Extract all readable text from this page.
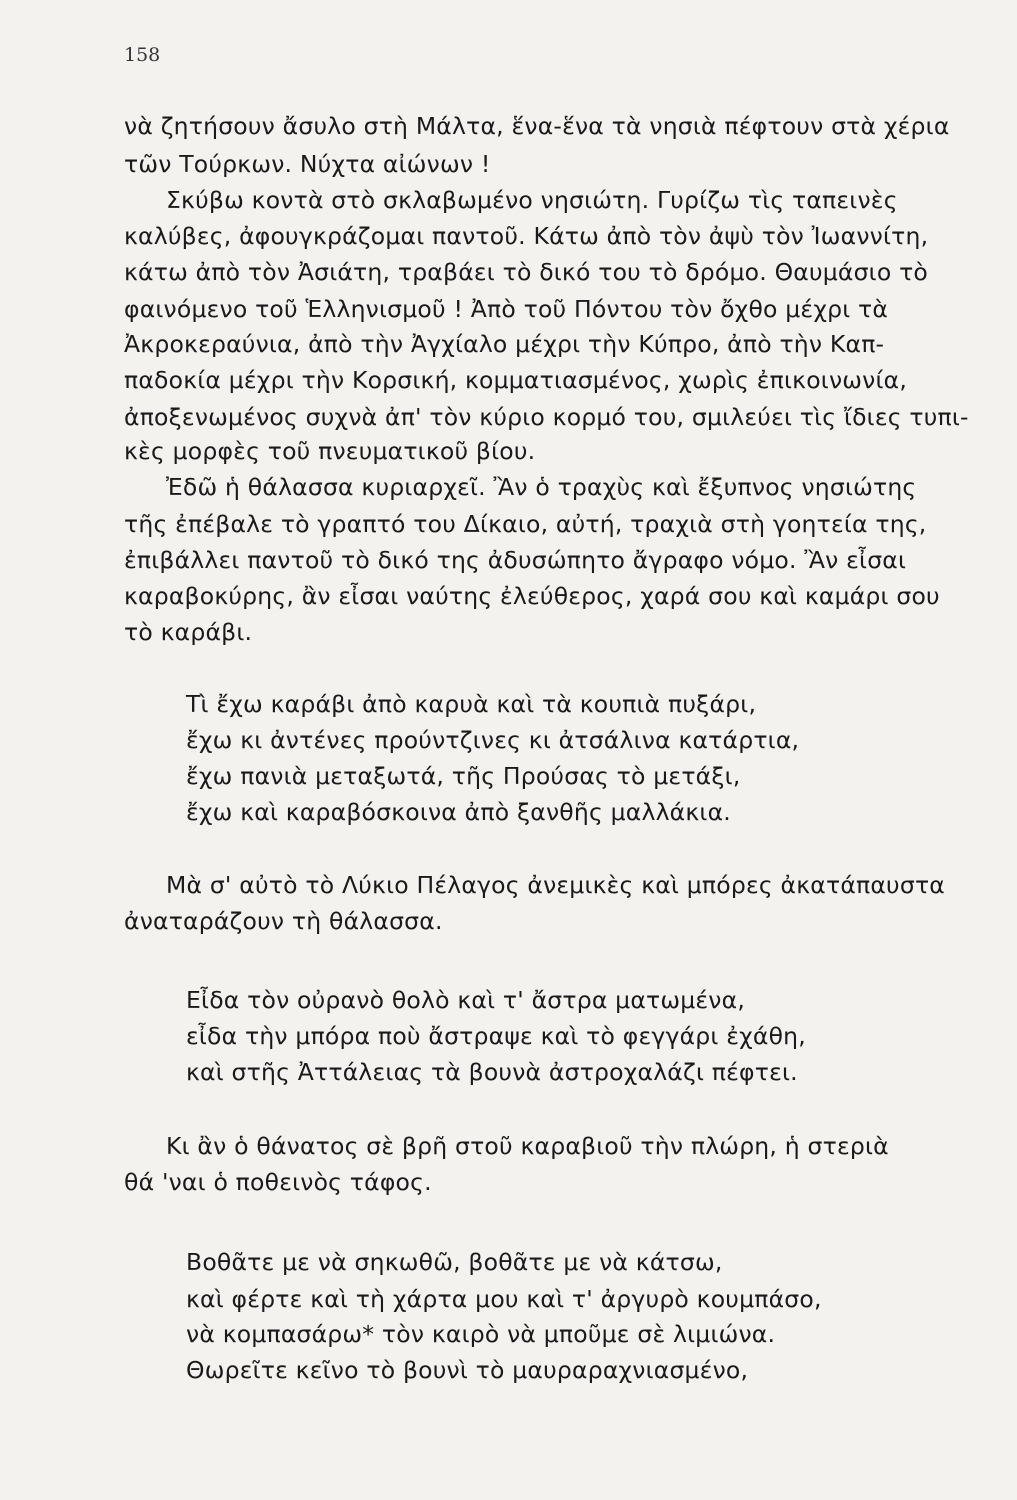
158
νὰ ζητήσουν ἄσυλο στὴ Μάλτα, ἕνα-ἕνα τὰ νησιὰ πέφτουν στὰ χέρια
τῶν Τούρκων. Νύχτα αἰώνων !
Σκύβω κοντὰ στὸ σκλαβωμένο νησιώτη. Γυρίζω τὶς ταπεινὲς
καλύβες, ἀφουγκράζομαι παντοῦ. Κάτω ἀπὸ τὸν ἀψὺ τὸν Ἰωαννίτη,
κάτω ἀπὸ τὸν Ἀσιάτη, τραβάει τὸ δικό του τὸ δρόμο. Θαυμάσιο τὸ
φαινόμενο τοῦ Ἑλληνισμοῦ ! Ἀπὸ τοῦ Πόντου τὸν ὄχθο μέχρι τὰ
Ἀκροκεραύνια, ἀπὸ τὴν Ἀγχίαλο μέχρι τὴν Κύπρο, ἀπὸ τὴν Καπ-
παδοκία μέχρι τὴν Κορσική, κομματιασμένος, χωρὶς ἐπικοινωνία,
ἀποξενωμένος συχνὰ ἀπ' τὸν κύριο κορμό του, σμιλεύει τὶς ἴδιες τυπι-
κὲς μορφὲς τοῦ πνευματικοῦ βίου.
Ἐδῶ ἡ θάλασσα κυριαρχεῖ. Ἂν ὁ τραχὺς καὶ ἔξυπνος νησιώτης
τῆς ἐπέβαλε τὸ γραπτό του Δίκαιο, αὐτή, τραχιὰ στὴ γοητεία της,
ἐπιβάλλει παντοῦ τὸ δικό της ἀδυσώπητο ἄγραφο νόμο. Ἂν εἶσαι
καραβοκύρης, ἂν εἶσαι ναύτης ἐλεύθερος, χαρά σου καὶ καμάρι σου
τὸ καράβι.
Τὶ ἔχω καράβι ἀπὸ καρυὰ καὶ τὰ κουπιὰ πυξάρι,
ἔχω κι ἀντένες προύντζινες κι ἀτσάλινα κατάρτια,
ἔχω πανιὰ μεταξωτά, τῆς Προύσας τὸ μετάξι,
ἔχω καὶ καραβόσκοινα ἀπὸ ξανθῆς μαλλάκια.
Μὰ σ' αὐτὸ τὸ Λύκιο Πέλαγος ἀνεμικὲς καὶ μπόρες ἀκατάπαυστα
ἀναταράζουν τὴ θάλασσα.
Εἶδα τὸν οὐρανὸ θολὸ καὶ τ' ἄστρα ματωμένα,
εἶδα τὴν μπόρα ποὺ ἄστραψε καὶ τὸ φεγγάρι ἐχάθη,
καὶ στῆς Ἀττάλειας τὰ βουνὰ ἀστροχαλάζι πέφτει.
Κι ἂν ὁ θάνατος σὲ βρῆ στοῦ καραβιοῦ τὴν πλώρη, ἡ στεριὰ
θά 'ναι ὁ ποθεινὸς τάφος.
Βοθᾶτε με νὰ σηκωθῶ, βοθᾶτε με νὰ κάτσω,
καὶ φέρτε καὶ τὴ χάρτα μου καὶ τ' ἀργυρὸ κουμπάσο,
νὰ κομπασάρω* τὸν καιρὸ νὰ μποῦμε σὲ λιμιώνα.
Θωρεῖτε κεῖνο τὸ βουνὶ τὸ μαυραραχνιασμένο,
